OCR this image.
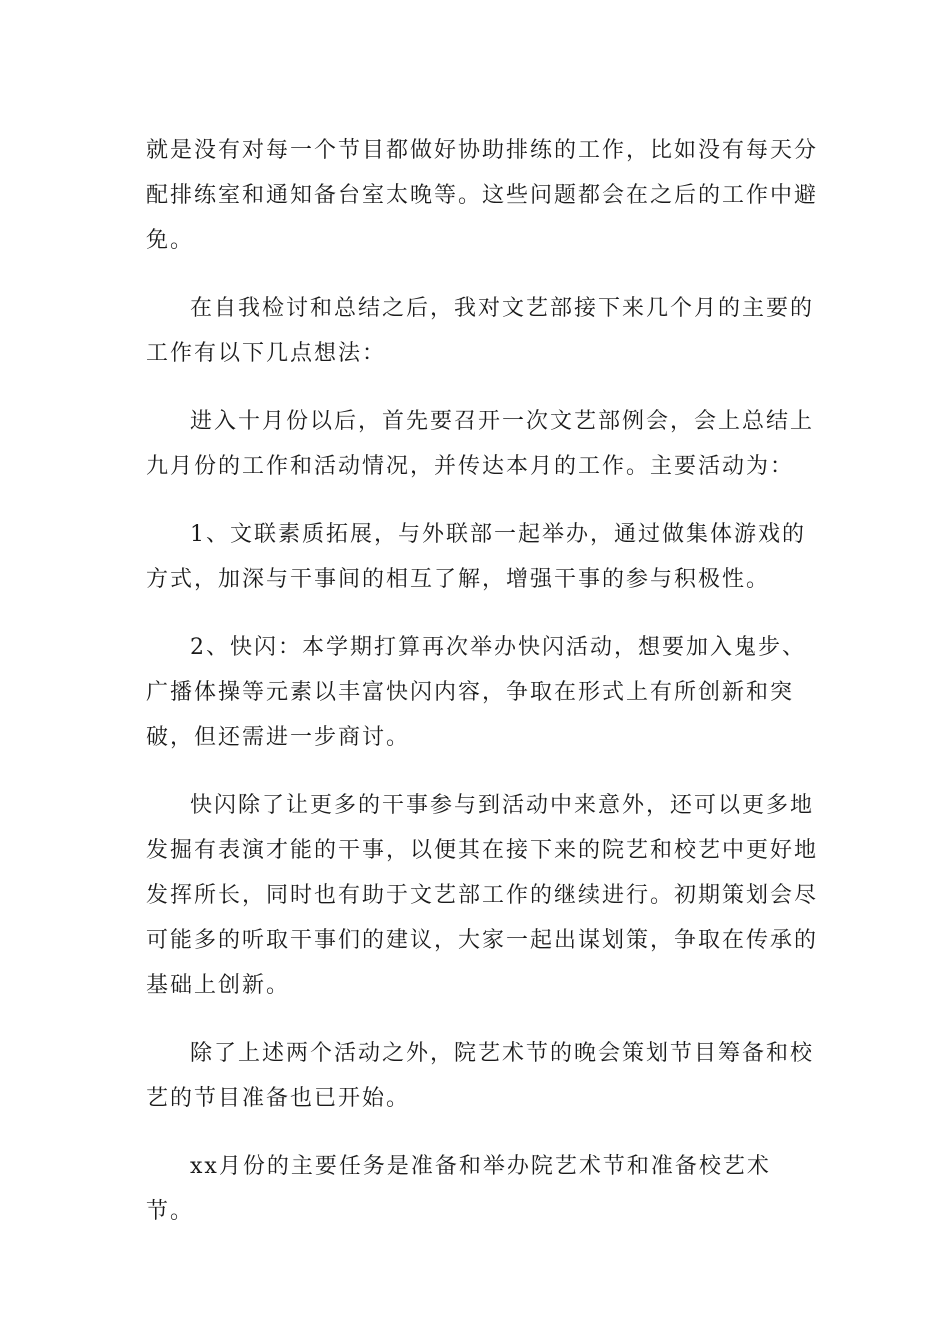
就是没有对每一个节目都做好协助排练的工作，比如没有每天分配排练室和通知备台室太晚等。这些问题都会在之后的工作中避免。

在自我检讨和总结之后，我对文艺部接下来几个月的主要的工作有以下几点想法：

进入十月份以后，首先要召开一次文艺部例会，会上总结上九月份的工作和活动情况，并传达本月的工作。主要活动为：

1、文联素质拓展，与外联部一起举办，通过做集体游戏的方式，加深与干事间的相互了解，增强干事的参与积极性。

2、快闪：本学期打算再次举办快闪活动，想要加入鬼步、广播体操等元素以丰富快闪内容，争取在形式上有所创新和突破，但还需进一步商讨。

快闪除了让更多的干事参与到活动中来意外，还可以更多地发掘有表演才能的干事，以便其在接下来的院艺和校艺中更好地发挥所长，同时也有助于文艺部工作的继续进行。初期策划会尽可能多的听取干事们的建议，大家一起出谋划策，争取在传承的基础上创新。

除了上述两个活动之外，院艺术节的晚会策划节目筹备和校艺的节目准备也已开始。

xx月份的主要任务是准备和举办院艺术节和准备校艺术节。
